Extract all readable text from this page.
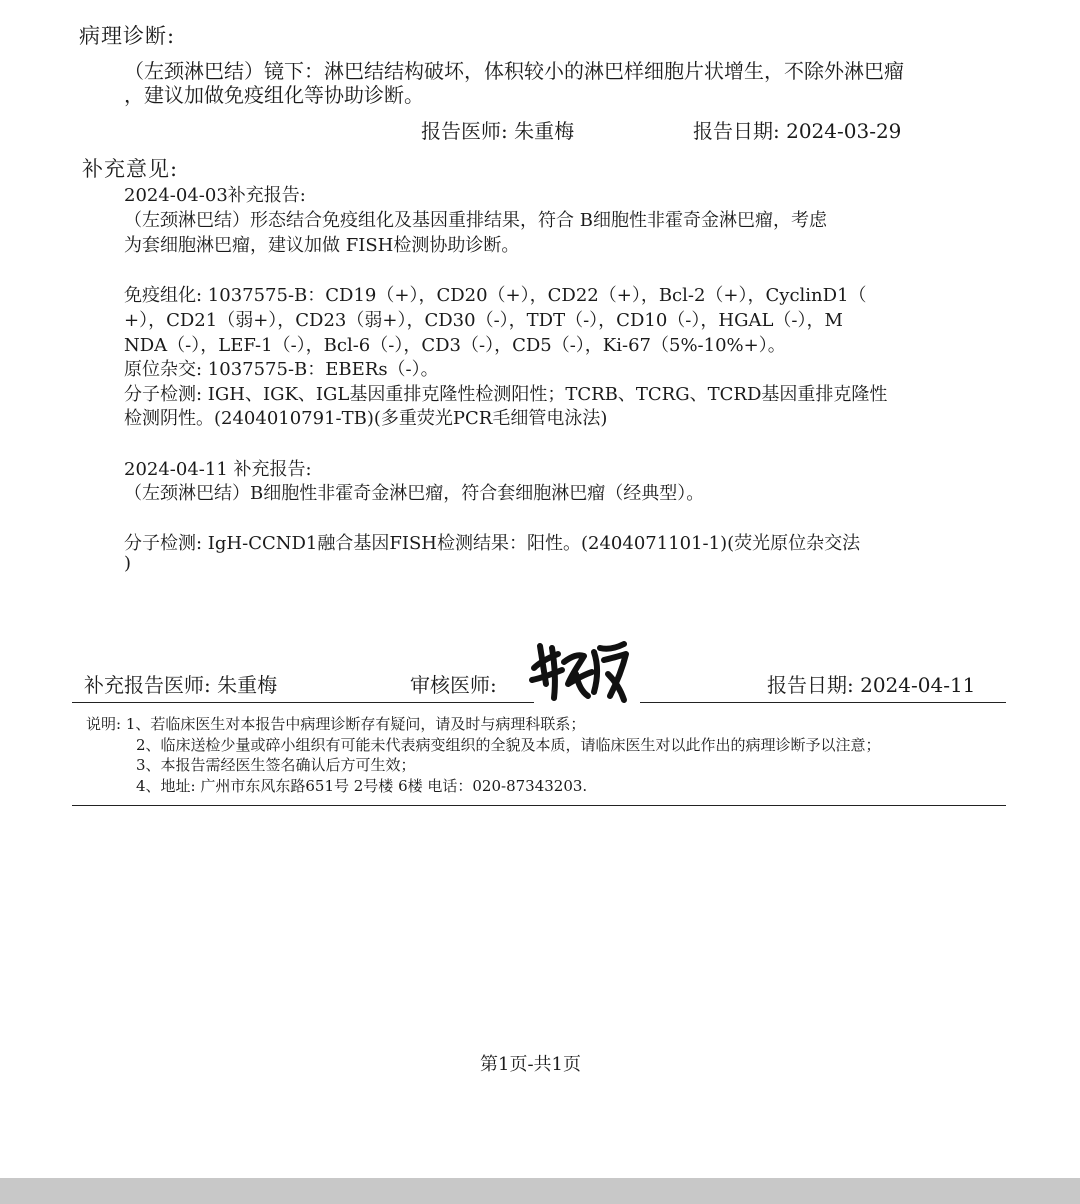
病理诊断:
（左颈淋巴结）镜下：淋巴结结构破坏，体积较小的淋巴样细胞片状增生，不除外淋巴瘤
，建议加做免疫组化等协助诊断。
报告医师: 朱重梅	报告日期: 2024-03-29
补充意见:
2024-04-03补充报告:
（左颈淋巴结）形态结合免疫组化及基因重排结果，符合 B细胞性非霍奇金淋巴瘤，考虑
为套细胞淋巴瘤，建议加做 FISH检测协助诊断。
免疫组化: 1037575-B：CD19（+），CD20（+），CD22（+），Bcl-2（+），CyclinD1（
+），CD21（弱+），CD23（弱+），CD30（-），TDT（-），CD10（-），HGAL（-），M
NDA（-），LEF-1（-），Bcl-6（-），CD3（-），CD5（-），Ki-67（5%-10%+）。
原位杂交: 1037575-B：EBERs（-）。
分子检测: IGH、IGK、IGL基因重排克隆性检测阳性；TCRB、TCRG、TCRD基因重排克隆性
检测阴性。(2404010791-TB)(多重荧光PCR毛细管电泳法)
2024-04-11 补充报告:
（左颈淋巴结）B细胞性非霍奇金淋巴瘤，符合套细胞淋巴瘤（经典型）。
分子检测: IgH-CCND1融合基因FISH检测结果：阳性。(2404071101-1)(荧光原位杂交法
)
补充报告医师: 朱重梅	审核医师:	报告日期: 2024-04-11
说明: 1、若临床医生对本报告中病理诊断存有疑问，请及时与病理科联系；
2、临床送检少量或碎小组织有可能未代表病变组织的全貌及本质，请临床医生对以此作出的病理诊断予以注意；
3、本报告需经医生签名确认后方可生效；
4、地址: 广州市东风东路651号 2号楼 6楼 电话：020-87343203.
第1页-共1页
